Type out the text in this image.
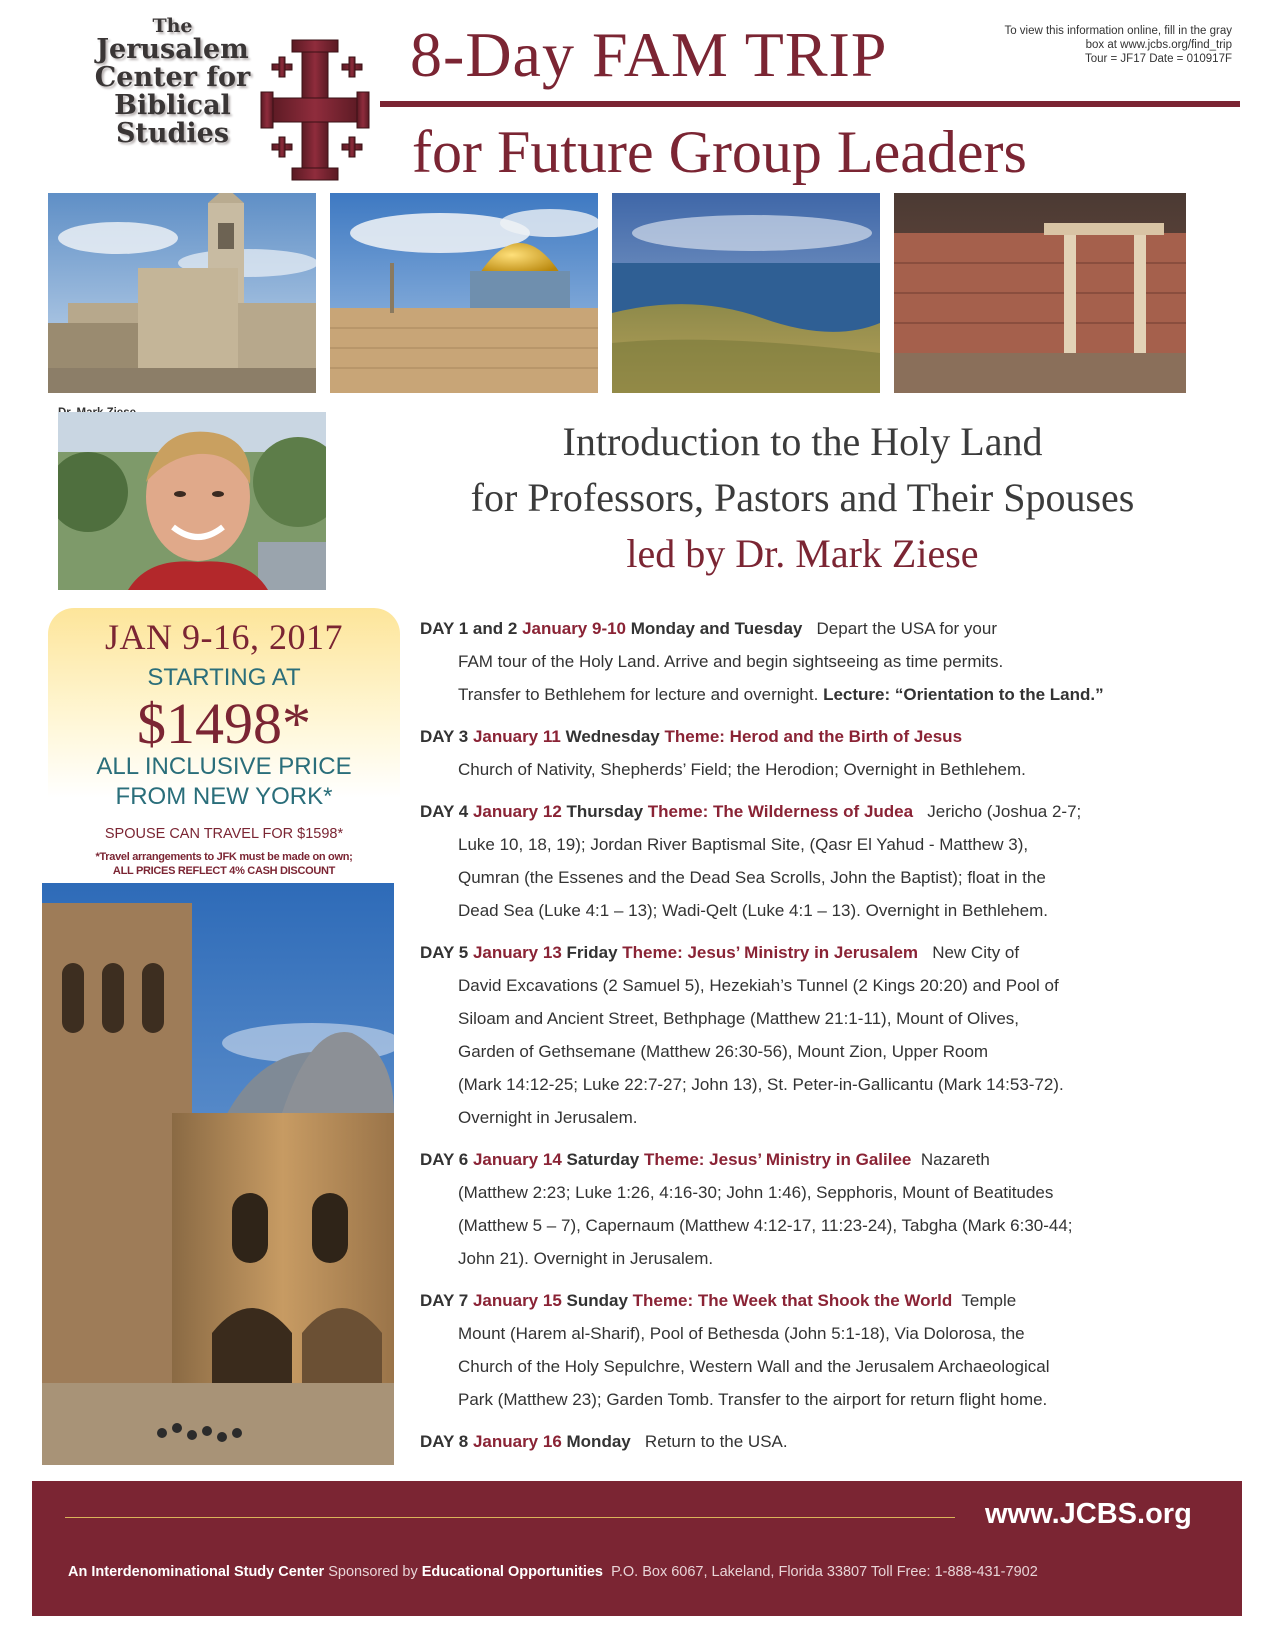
The
Jerusalem
Center for
Biblical
Studies
8-Day FAM TRIP
for Future Group Leaders
To view this information online, fill in the gray
box at www.jcbs.org/find_trip
Tour = JF17 Date = 010917F
JAN 9-16, 2017
STARTING AT
$1498*
ALL INCLUSIVE PRICE
FROM NEW YORK*
SPOUSE CAN TRAVEL FOR $1598*
*Travel arrangements to JFK must be made on own;
ALL PRICES REFLECT 4% CASH DISCOUNT
Introduction to the Holy Land
for Professors, Pastors and Their Spouses
led by Dr. Mark Ziese

DAY 1 and 2 January 9-10 Monday and Tuesday Depart the USA for your

FAM tour of the Holy Land. Arrive and begin sightseeing as time permits.

Transfer to Bethlehem for lecture and overnight. Lecture: “Orientation to the Land.”

DAY 3 January 11 Wednesday Theme: Herod and the Birth of Jesus

Church of Nativity, Shepherds’ Field; the Herodion; Overnight in Bethlehem.

DAY 4 January 12 Thursday Theme: The Wilderness of Judea Jericho (Joshua 2-7;

Luke 10, 18, 19); Jordan River Baptismal Site, (Qasr El Yahud - Matthew 3),

Qumran (the Essenes and the Dead Sea Scrolls, John the Baptist); float in the

Dead Sea (Luke 4:1 – 13); Wadi-Qelt (Luke 4:1 – 13). Overnight in Bethlehem.

DAY 5 January 13 Friday Theme: Jesus’ Ministry in Jerusalem New City of

David Excavations (2 Samuel 5), Hezekiah’s Tunnel (2 Kings 20:20) and Pool of

Siloam and Ancient Street, Bethphage (Matthew 21:1-11), Mount of Olives,

Garden of Gethsemane (Matthew 26:30-56), Mount Zion, Upper Room

(Mark 14:12-25; Luke 22:7-27; John 13), St. Peter-in-Gallicantu (Mark 14:53-72).

Overnight in Jerusalem.

DAY 6 January 14 Saturday Theme: Jesus’ Ministry in Galilee Nazareth

(Matthew 2:23; Luke 1:26, 4:16-30; John 1:46), Sepphoris, Mount of Beatitudes

(Matthew 5 – 7), Capernaum (Matthew 4:12-17, 11:23-24), Tabgha (Mark 6:30-44;

John 21). Overnight in Jerusalem.

DAY 7 January 15 Sunday Theme: The Week that Shook the World Temple

Mount (Harem al-Sharif), Pool of Bethesda (John 5:1-18), Via Dolorosa, the

Church of the Holy Sepulchre, Western Wall and the Jerusalem Archaeological

Park (Matthew 23); Garden Tomb. Transfer to the airport for return flight home.

DAY 8 January 16 Monday Return to the USA.

www.JCBS.org
An Interdenominational Study Center Sponsored by Educational Opportunities P.O. Box 6067, Lakeland, Florida 33807 Toll Free: 1-888-431-7902
